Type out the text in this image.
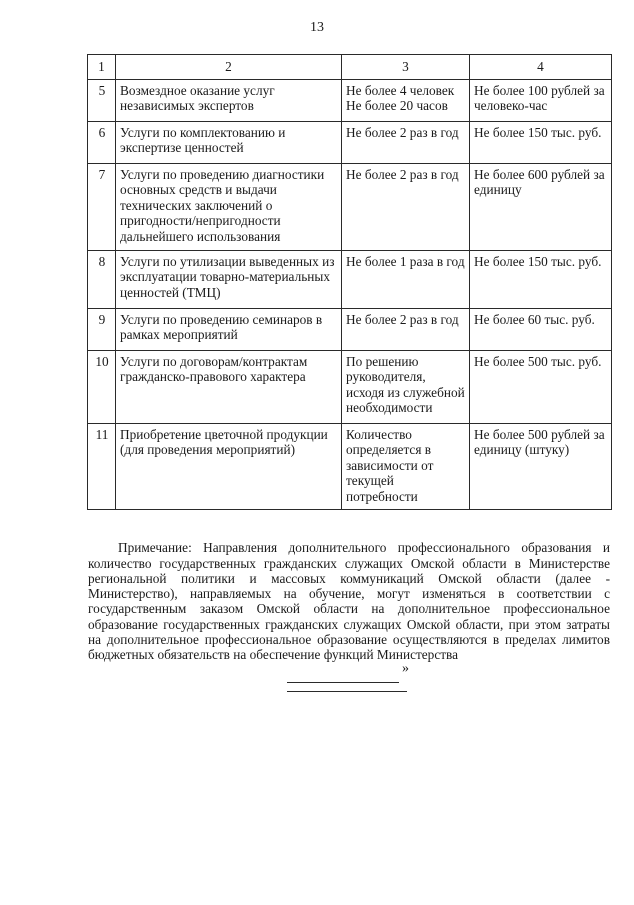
13
1	2	3	4
5	Возмездное оказание услуг независимых экспертов	Не более 4 человек Не более 20 часов	Не более 100 рублей за человеко-час
6	Услуги по комплектованию и экспертизе ценностей	Не более 2 раз в год	Не более 150 тыс. руб.
7	Услуги по проведению диагностики основных средств и выдачи технических заключений о пригодности/непригодности дальнейшего использования	Не более 2 раз в год	Не более 600 рублей за единицу
8	Услуги по утилизации выведенных из эксплуатации товарно-материальных ценностей (ТМЦ)	Не более 1 раза в год	Не более 150 тыс. руб.
9	Услуги по проведению семинаров в рамках мероприятий	Не более 2 раз в год	Не более 60 тыс. руб.
10	Услуги по договорам/контрактам гражданско-правового характера	По решению руководителя, исходя из служебной необходимости	Не более 500 тыс. руб.
11	Приобретение цветочной продукции (для проведения мероприятий)	Количество определяется в зависимости от текущей потребности	Не более 500 рублей за единицу (штуку)

Примечание: Направления дополнительного профессионального образования и количество государственных гражданских служащих Омской области в Министерстве региональной политики и массовых коммуникаций Омской области (далее - Министерство), направляемых на обучение, могут изменяться в соответствии с государственным заказом Омской области на дополнительное профессиональное образование государственных гражданских служащих Омской области, при этом затраты на дополнительное профессиональное образование осуществляются в пределах лимитов бюджетных обязательств на обеспечение функций Министерства

»
